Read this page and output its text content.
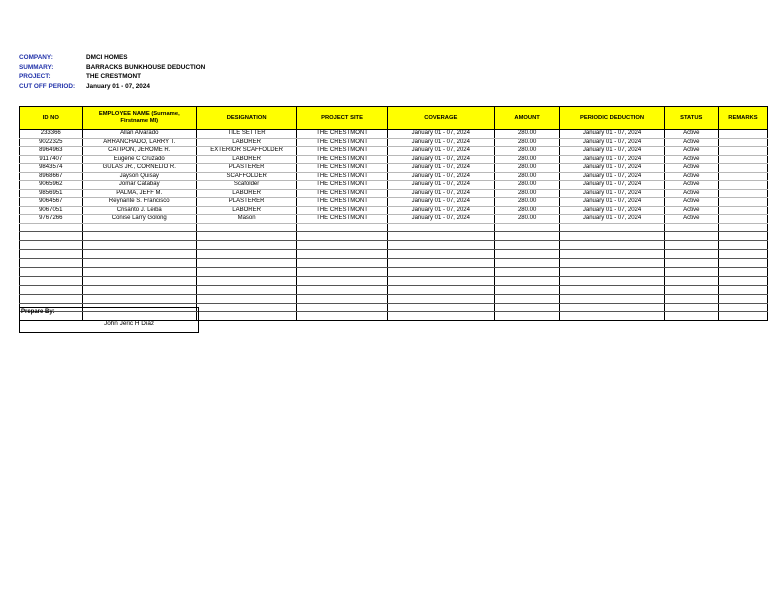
COMPANY:	DMCI HOMES
SUMMARY:	BARRACKS BUNKHOUSE DEDUCTION
PROJECT:	THE CRESTMONT
CUT OFF PERIOD:	January 01 - 07, 2024
ID NO	EMPLOYEE NAME (Surname, Firstname MI)	DESIGNATION	PROJECT SITE	COVERAGE	AMOUNT	PERIODIC DEDUCTION	STATUS	REMARKS
233366	Allan Alvarado	TILE SETTER	THE CRESTMONT	January 01 - 07, 2024	280.00	January 01 - 07, 2024	Active	
9022325	ARRANCHADO, LARRY T.	LABORER	THE CRESTMONT	January 01 - 07, 2024	280.00	January 01 - 07, 2024	Active	
8964963	CATIPON, JEROME R.	EXTERIOR SCAFFOLDER	THE CRESTMONT	January 01 - 07, 2024	280.00	January 01 - 07, 2024	Active	
9117407	Eugene C Cruzado	LABORER	THE CRESTMONT	January 01 - 07, 2024	280.00	January 01 - 07, 2024	Active	
9843574	GULAS JR., CORNELIO R.	PLASTERER	THE CRESTMONT	January 01 - 07, 2024	280.00	January 01 - 07, 2024	Active	
8968667	Jayson Quisay	SCAFFOLDER	THE CRESTMONT	January 01 - 07, 2024	280.00	January 01 - 07, 2024	Active	
9065962	Jomar Catabay	Scafolder	THE CRESTMONT	January 01 - 07, 2024	280.00	January 01 - 07, 2024	Active	
9856951	PALMA, JEFF M.	LABORER	THE CRESTMONT	January 01 - 07, 2024	280.00	January 01 - 07, 2024	Active	
9064567	Reynante S. Francisco	PLASTERER	THE CRESTMONT	January 01 - 07, 2024	280.00	January 01 - 07, 2024	Active	
9067051	Crisanto J. Leiba	LABORER	THE CRESTMONT	January 01 - 07, 2024	280.00	January 01 - 07, 2024	Active	
9767266	Conise Larry Golong	Mason	THE CRESTMONT	January 01 - 07, 2024	280.00	January 01 - 07, 2024	Active	

Prepare By:
John Jeric H Diaz
